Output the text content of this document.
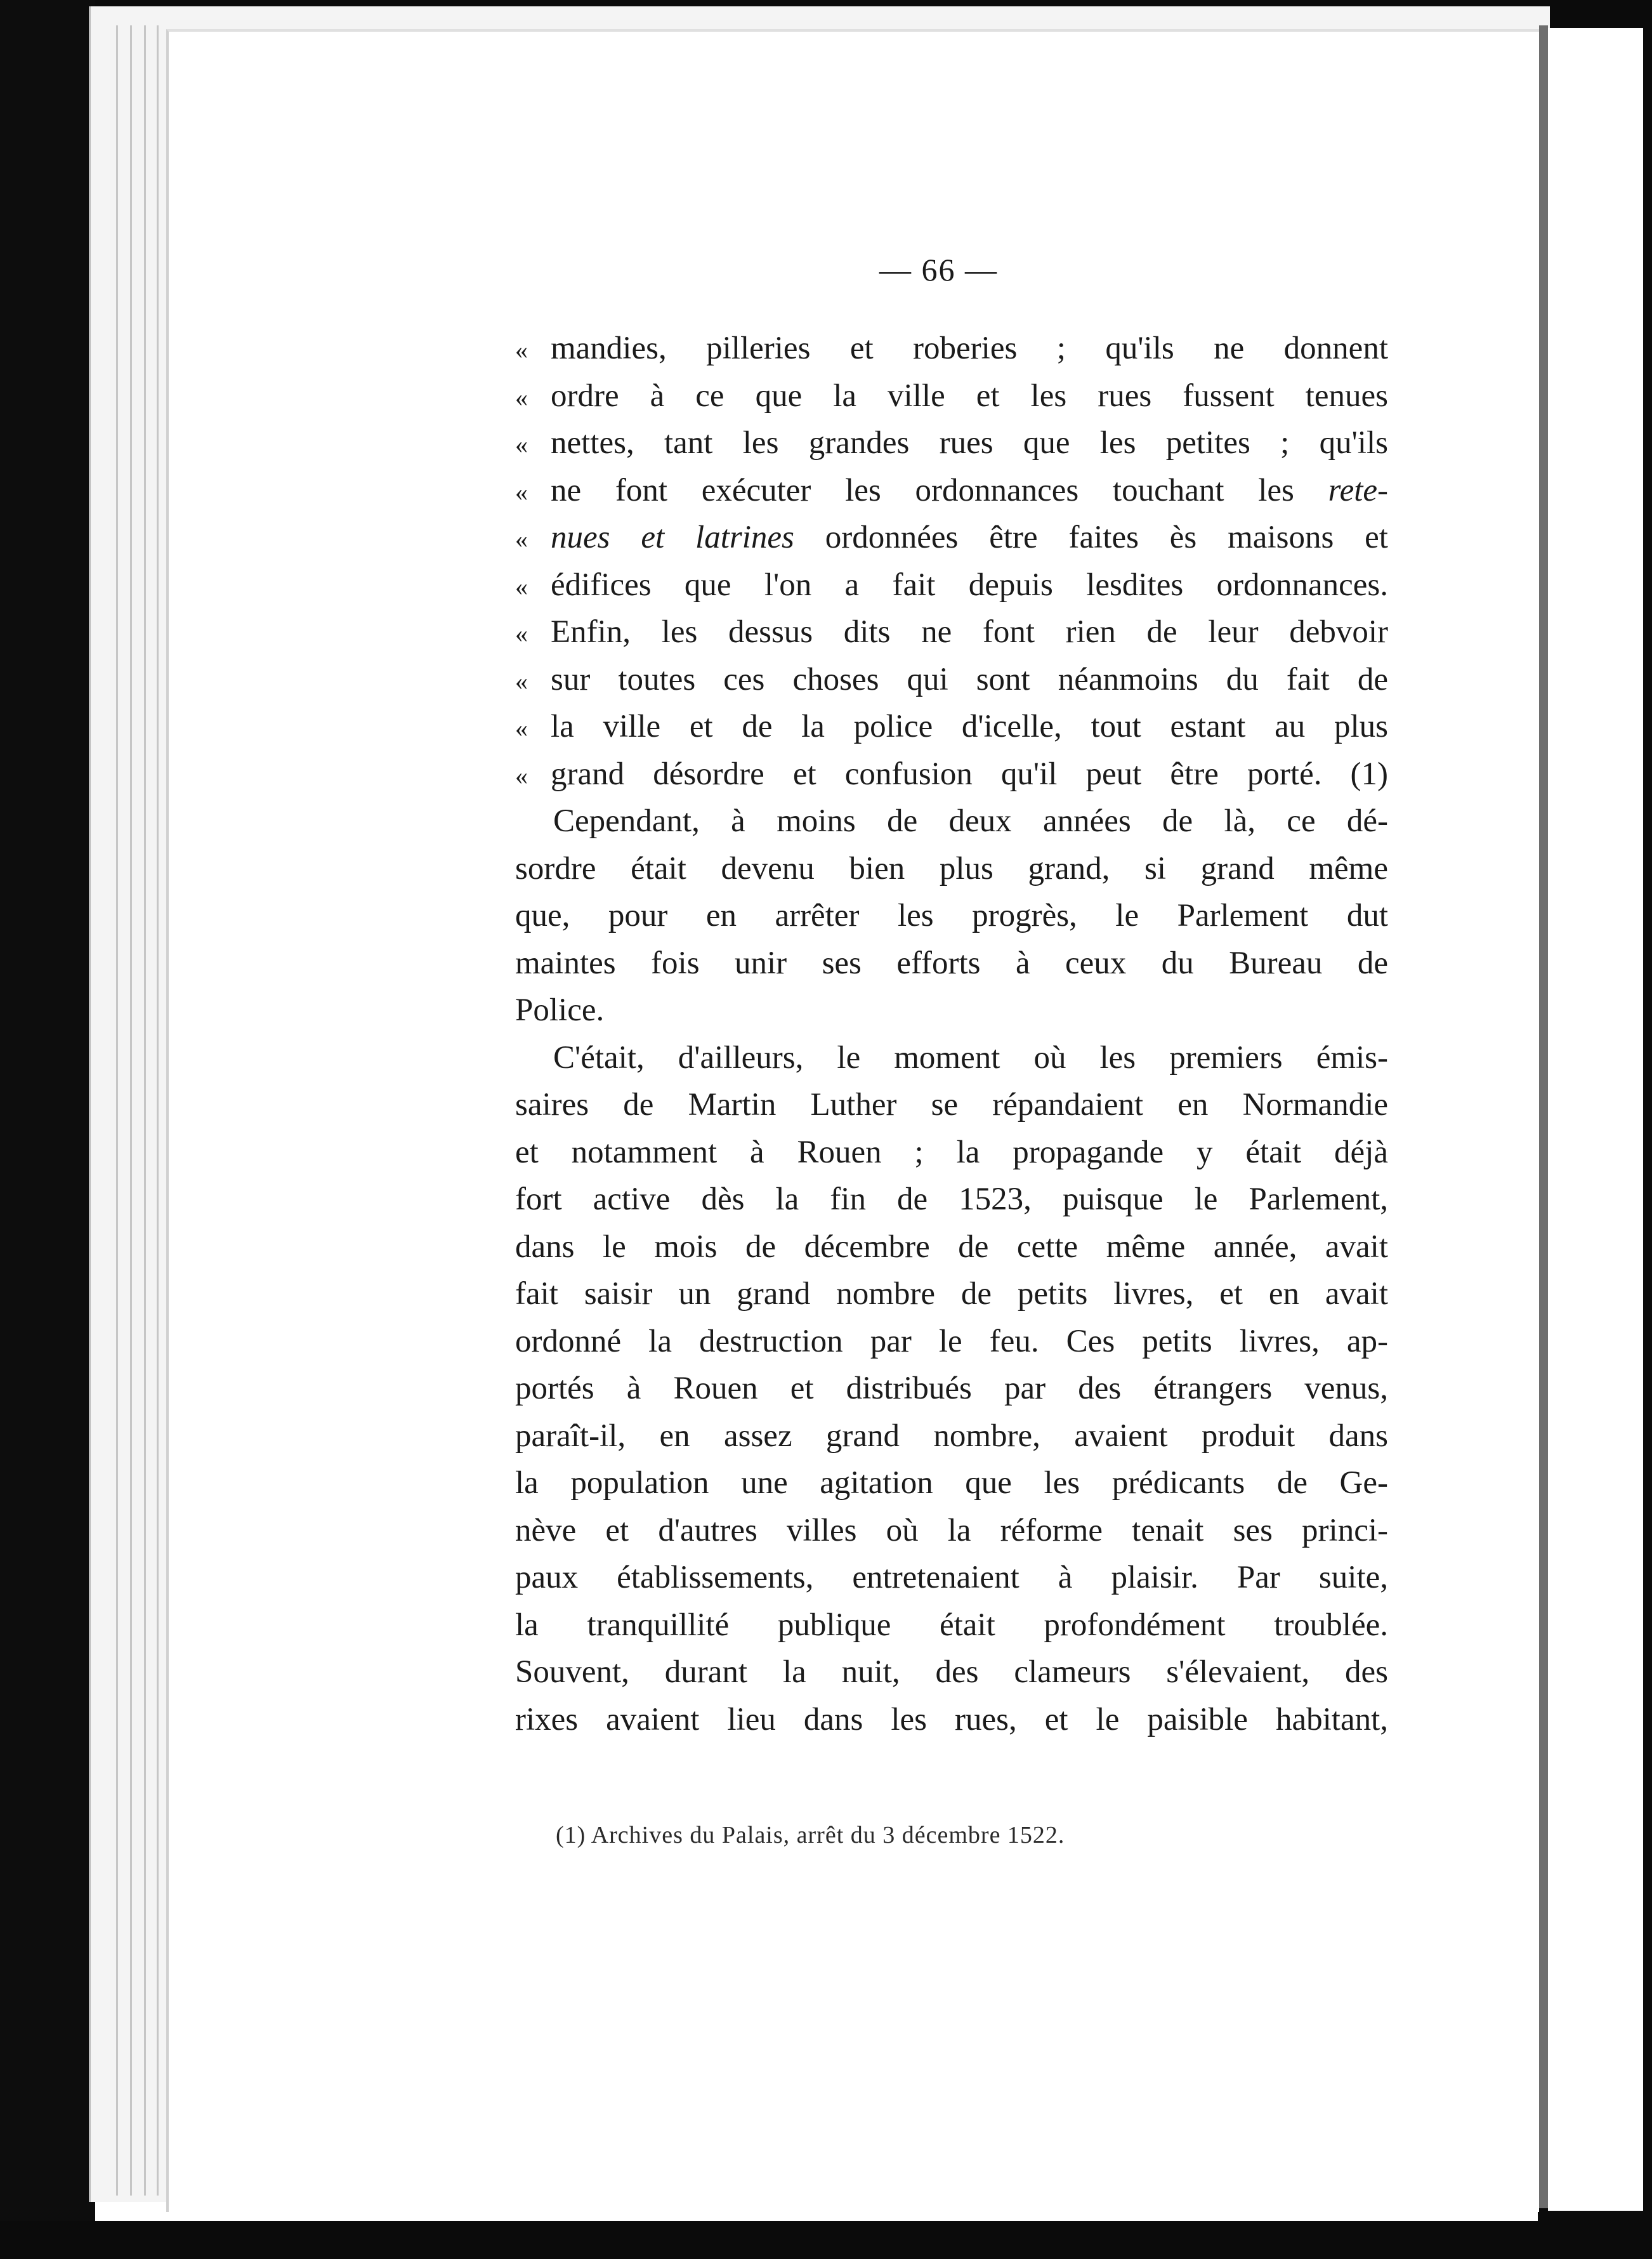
— 66 —
« mandies, pilleries et roberies ; qu'ils ne donnent
« ordre à ce que la ville et les rues fussent tenues
« nettes, tant les grandes rues que les petites ; qu'ils
« ne font exécuter les ordonnances touchant les rete-
« nues et latrines ordonnées être faites ès maisons et
« édifices que l'on a fait depuis lesdites ordonnances.
« Enfin, les dessus dits ne font rien de leur debvoir
« sur toutes ces choses qui sont néanmoins du fait de
« la ville et de la police d'icelle, tout estant au plus
« grand désordre et confusion qu'il peut être porté. (1)
Cependant, à moins de deux années de là, ce dé-
sordre était devenu bien plus grand, si grand même
que, pour en arrêter les progrès, le Parlement dut
maintes fois unir ses efforts à ceux du Bureau de
Police.
C'était, d'ailleurs, le moment où les premiers émis-
saires de Martin Luther se répandaient en Normandie
et notamment à Rouen ; la propagande y était déjà
fort active dès la fin de 1523, puisque le Parlement,
dans le mois de décembre de cette même année, avait
fait saisir un grand nombre de petits livres, et en avait
ordonné la destruction par le feu. Ces petits livres, ap-
portés à Rouen et distribués par des étrangers venus,
paraît-il, en assez grand nombre, avaient produit dans
la population une agitation que les prédicants de Ge-
nève et d'autres villes où la réforme tenait ses princi-
paux établissements, entretenaient à plaisir. Par suite,
la tranquillité publique était profondément troublée.
Souvent, durant la nuit, des clameurs s'élevaient, des
rixes avaient lieu dans les rues, et le paisible habitant,
(1) Archives du Palais, arrêt du 3 décembre 1522.
